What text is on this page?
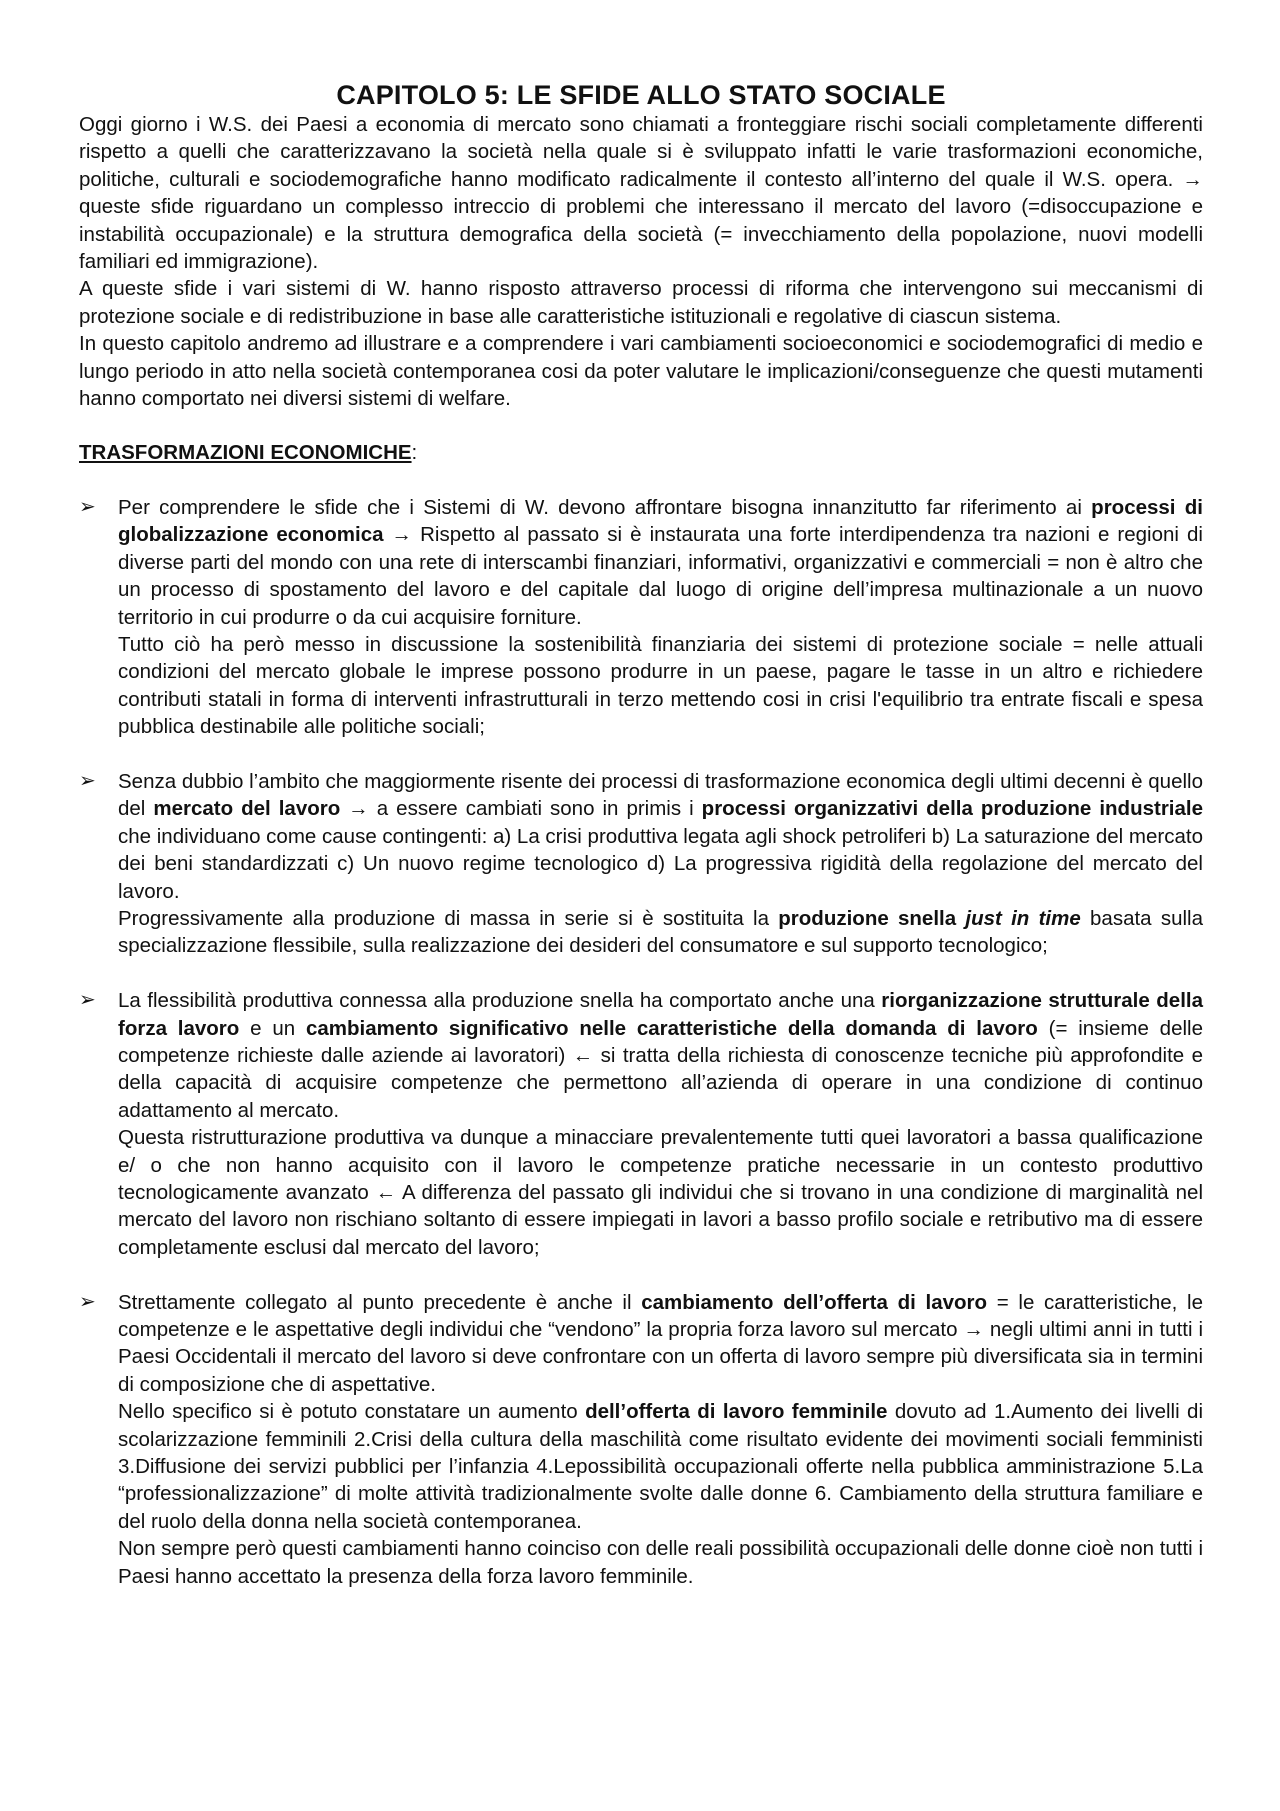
CAPITOLO 5: LE SFIDE ALLO STATO SOCIALE

Oggi giorno i W.S. dei Paesi a economia di mercato sono chiamati a fronteggiare rischi sociali completamente differenti rispetto a quelli che caratterizzavano la società nella quale si è sviluppato infatti le varie trasformazioni economiche, politiche, culturali e sociodemografiche hanno modificato radicalmente il contesto all’interno del quale il W.S. opera. → queste sfide riguardano un complesso intreccio di problemi che interessano il mercato del lavoro (=disoccupazione e instabilità occupazionale) e la struttura demografica della società (= invecchiamento della popolazione, nuovi modelli familiari ed immigrazione).

A queste sfide i vari sistemi di W. hanno risposto attraverso processi di riforma che intervengono sui meccanismi di protezione sociale e di redistribuzione in base alle caratteristiche istituzionali e regolative di ciascun sistema.

In questo capitolo andremo ad illustrare e a comprendere i vari cambiamenti socioeconomici e sociodemografici di medio e lungo periodo in atto nella società contemporanea cosi da poter valutare le implicazioni/conseguenze che questi mutamenti hanno comportato nei diversi sistemi di welfare.

TRASFORMAZIONI ECONOMICHE:
➢ Per comprendere le sfide che i Sistemi di W. devono affrontare bisogna innanzitutto far riferimento ai processi di globalizzazione economica → Rispetto al passato si è instaurata una forte interdipendenza tra nazioni e regioni di diverse parti del mondo con una rete di interscambi finanziari, informativi, organizzativi e commerciali = non è altro che un processo di spostamento del lavoro e del capitale dal luogo di origine dell’impresa multinazionale a un nuovo territorio in cui produrre o da cui acquisire forniture.

Tutto ciò ha però messo in discussione la sostenibilità finanziaria dei sistemi di protezione sociale = nelle attuali condizioni del mercato globale le imprese possono produrre in un paese, pagare le tasse in un altro e richiedere contributi statali in forma di interventi infrastrutturali in terzo mettendo cosi in crisi l'equilibrio tra entrate fiscali e spesa pubblica destinabile alle politiche sociali;

➢ Senza dubbio l’ambito che maggiormente risente dei processi di trasformazione economica degli ultimi decenni è quello del mercato del lavoro → a essere cambiati sono in primis i processi organizzativi della produzione industriale che individuano come cause contingenti: a) La crisi produttiva legata agli shock petroliferi b) La saturazione del mercato dei beni standardizzati c) Un nuovo regime tecnologico d) La progressiva rigidità della regolazione del mercato del lavoro.

Progressivamente alla produzione di massa in serie si è sostituita la produzione snella just in time basata sulla specializzazione flessibile, sulla realizzazione dei desideri del consumatore e sul supporto tecnologico;

➢ La flessibilità produttiva connessa alla produzione snella ha comportato anche una riorganizzazione strutturale della forza lavoro e un cambiamento significativo nelle caratteristiche della domanda di lavoro (= insieme delle competenze richieste dalle aziende ai lavoratori) ← si tratta della richiesta di conoscenze tecniche più approfondite e della capacità di acquisire competenze che permettono all’azienda di operare in una condizione di continuo adattamento al mercato.

Questa ristrutturazione produttiva va dunque a minacciare prevalentemente tutti quei lavoratori a bassa qualificazione e/ o che non hanno acquisito con il lavoro le competenze pratiche necessarie in un contesto produttivo tecnologicamente avanzato ← A differenza del passato gli individui che si trovano in una condizione di marginalità nel mercato del lavoro non rischiano soltanto di essere impiegati in lavori a basso profilo sociale e retributivo ma di essere completamente esclusi dal mercato del lavoro;

➢ Strettamente collegato al punto precedente è anche il cambiamento dell’offerta di lavoro = le caratteristiche, le competenze e le aspettative degli individui che “vendono” la propria forza lavoro sul mercato → negli ultimi anni in tutti i Paesi Occidentali il mercato del lavoro si deve confrontare con un offerta di lavoro sempre più diversificata sia in termini di composizione che di aspettative.

Nello specifico si è potuto constatare un aumento dell’offerta di lavoro femminile dovuto ad 1.Aumento dei livelli di scolarizzazione femminili 2.Crisi della cultura della maschilità come risultato evidente dei movimenti sociali femministi 3.Diffusione dei servizi pubblici per l’infanzia 4.Lepossibilità occupazionali offerte nella pubblica amministrazione 5.La “professionalizzazione” di molte attività tradizionalmente svolte dalle donne 6. Cambiamento della struttura familiare e del ruolo della donna nella società contemporanea.

Non sempre però questi cambiamenti hanno coinciso con delle reali possibilità occupazionali delle donne cioè non tutti i Paesi hanno accettato la presenza della forza lavoro femminile.
